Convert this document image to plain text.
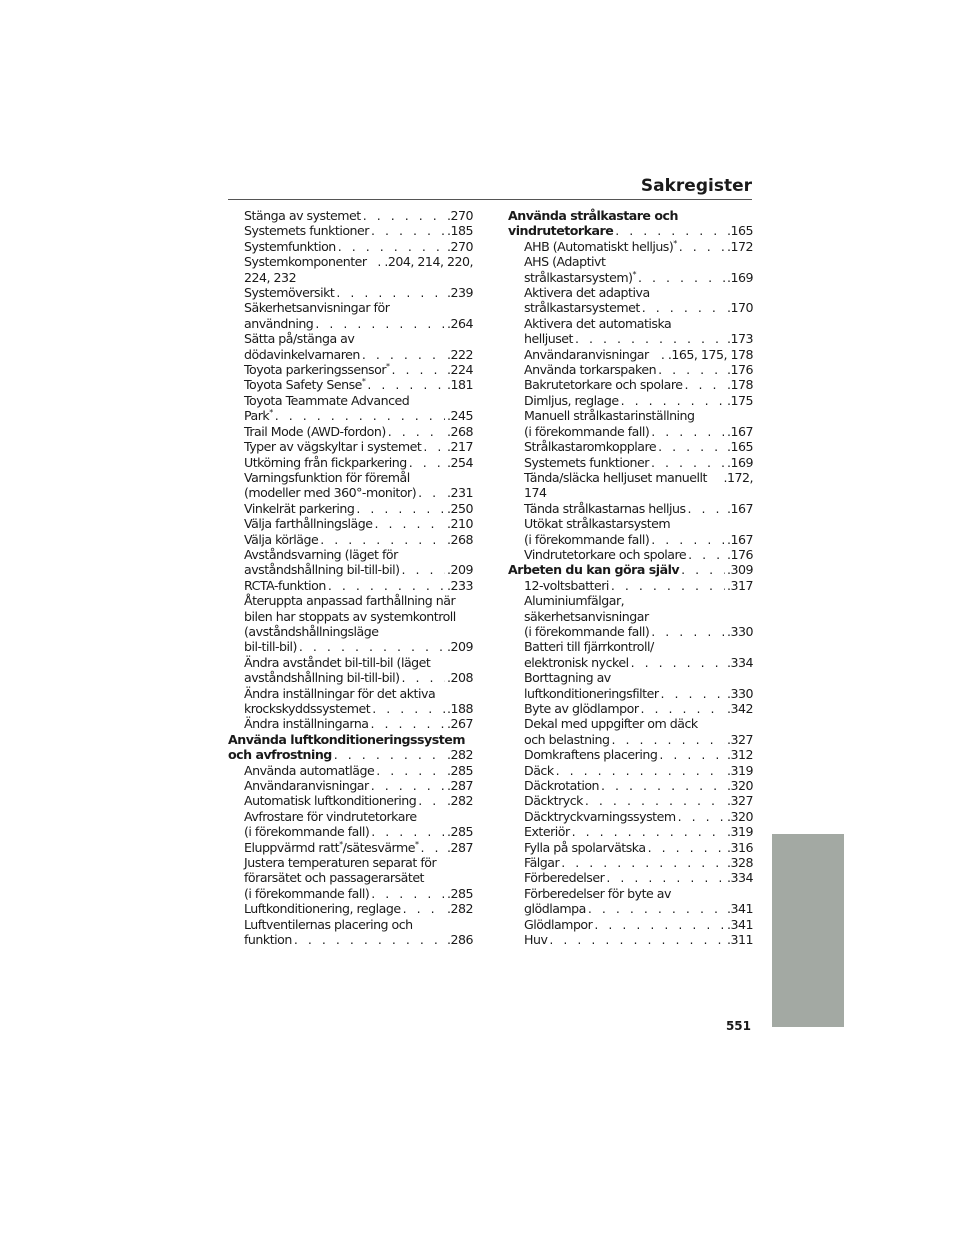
Sakregister
Stänga av systemet . . .	.270
Systemets funktioner . . .	.185
Systemfunktion . . .	.270
Systemkomponenter . .204, 214, 220,
224, 232
Systemöversikt . . .	.239
Säkerhetsanvisningar för
användning . . .	.264
Sätta på/stänga av
dödavinkelvarnaren . . .	.222
Toyota parkeringssensor* . . .	.224
Toyota Safety Sense* . . .	.181
Toyota Teammate Advanced
Park* . . .	.245
Trail Mode (AWD-fordon) . . .	.268
Typer av vägskyltar i systemet . . . .217
Utkörning från fickparkering . . .	.254
Varningsfunktion för föremål
(modeller med 360°-monitor) . . . .231
Vinkelrät parkering . . .	.250
Välja farthållningsläge . . .	.210
Välja körläge . . .	.268
Avståndsvarning (läget för
avståndshållning bil-till-bil) . . .	.209
RCTA-funktion . . .	.233
Återuppta anpassad farthållning när
bilen har stoppats av systemkontroll
(avståndshållningsläge
bil-till-bil) . . .	.209
Ändra avståndet bil-till-bil (läget
avståndshållning bil-till-bil) . . .	.208
Ändra inställningar för det aktiva
krockskyddssystemet . . .	.188
Ändra inställningarna . . .	.267
Använda luftkonditioneringssystem
och avfrostning . . .	.282
Använda automatläge . . .	.285
Användaranvisningar . . .	.287
Automatisk luftkonditionering . . . .282
Avfrostare för vindrutetorkare
(i förekommande fall) . . .	.285
Eluppvärmd ratt*/sätesvärme* . . . .287
Justera temperaturen separat för
förarsätet och passagerarsätet
(i förekommande fall) . . .	.285
Luftkonditionering, reglage . . .	.282
Luftventilernas placering och
funktion . . .	.286
Använda strålkastare och
vindrutetorkare . . .	.165
AHB (Automatiskt helljus)* . . .	.172
AHS (Adaptivt
strålkastarsystem)* . . .	.169
Aktivera det adaptiva
strålkastarsystemet . . .	.170
Aktivera det automatiska
helljuset . . .	.173
Användaranvisningar . .165, 175, 178
Använda torkarspaken . . .	.176
Bakrutetorkare och spolare . . .	.178
Dimljus, reglage . . .	.175
Manuell strålkastarinställning
(i förekommande fall) . . .	.167
Strålkastaromkopplare . . .	.165
Systemets funktioner . . .	.169
Tända/släcka helljuset manuellt .172,
174
Tända strålkastarnas helljus . . .	.167
Utökat strålkastarsystem
(i förekommande fall) . . .	.167
Vindrutetorkare och spolare . . .	.176
Arbeten du kan göra själv . . .	.309
12-voltsbatteri . . .	.317
Aluminiumfälgar,
säkerhetsanvisningar
(i förekommande fall) . . .	.330
Batteri till fjärrkontroll/
elektronisk nyckel . . .	.334
Borttagning av
luftkonditioneringsfilter . . .	.330
Byte av glödlampor . . .	.342
Dekal med uppgifter om däck
och belastning . . .	.327
Domkraftens placering . . .	.312
Däck . . .	.319
Däckrotation . . .	.320
Däcktryck . . .	.327
Däcktryckvarningssystem . . .	.320
Exteriör . . .	.319
Fylla på spolarvätska . . .	.316
Fälgar . . .	.328
Förberedelser . . .	.334
Förberedelser för byte av
glödlampa . . .	.341
Glödlampor . . .	.341
Huv . . .	.311
551
